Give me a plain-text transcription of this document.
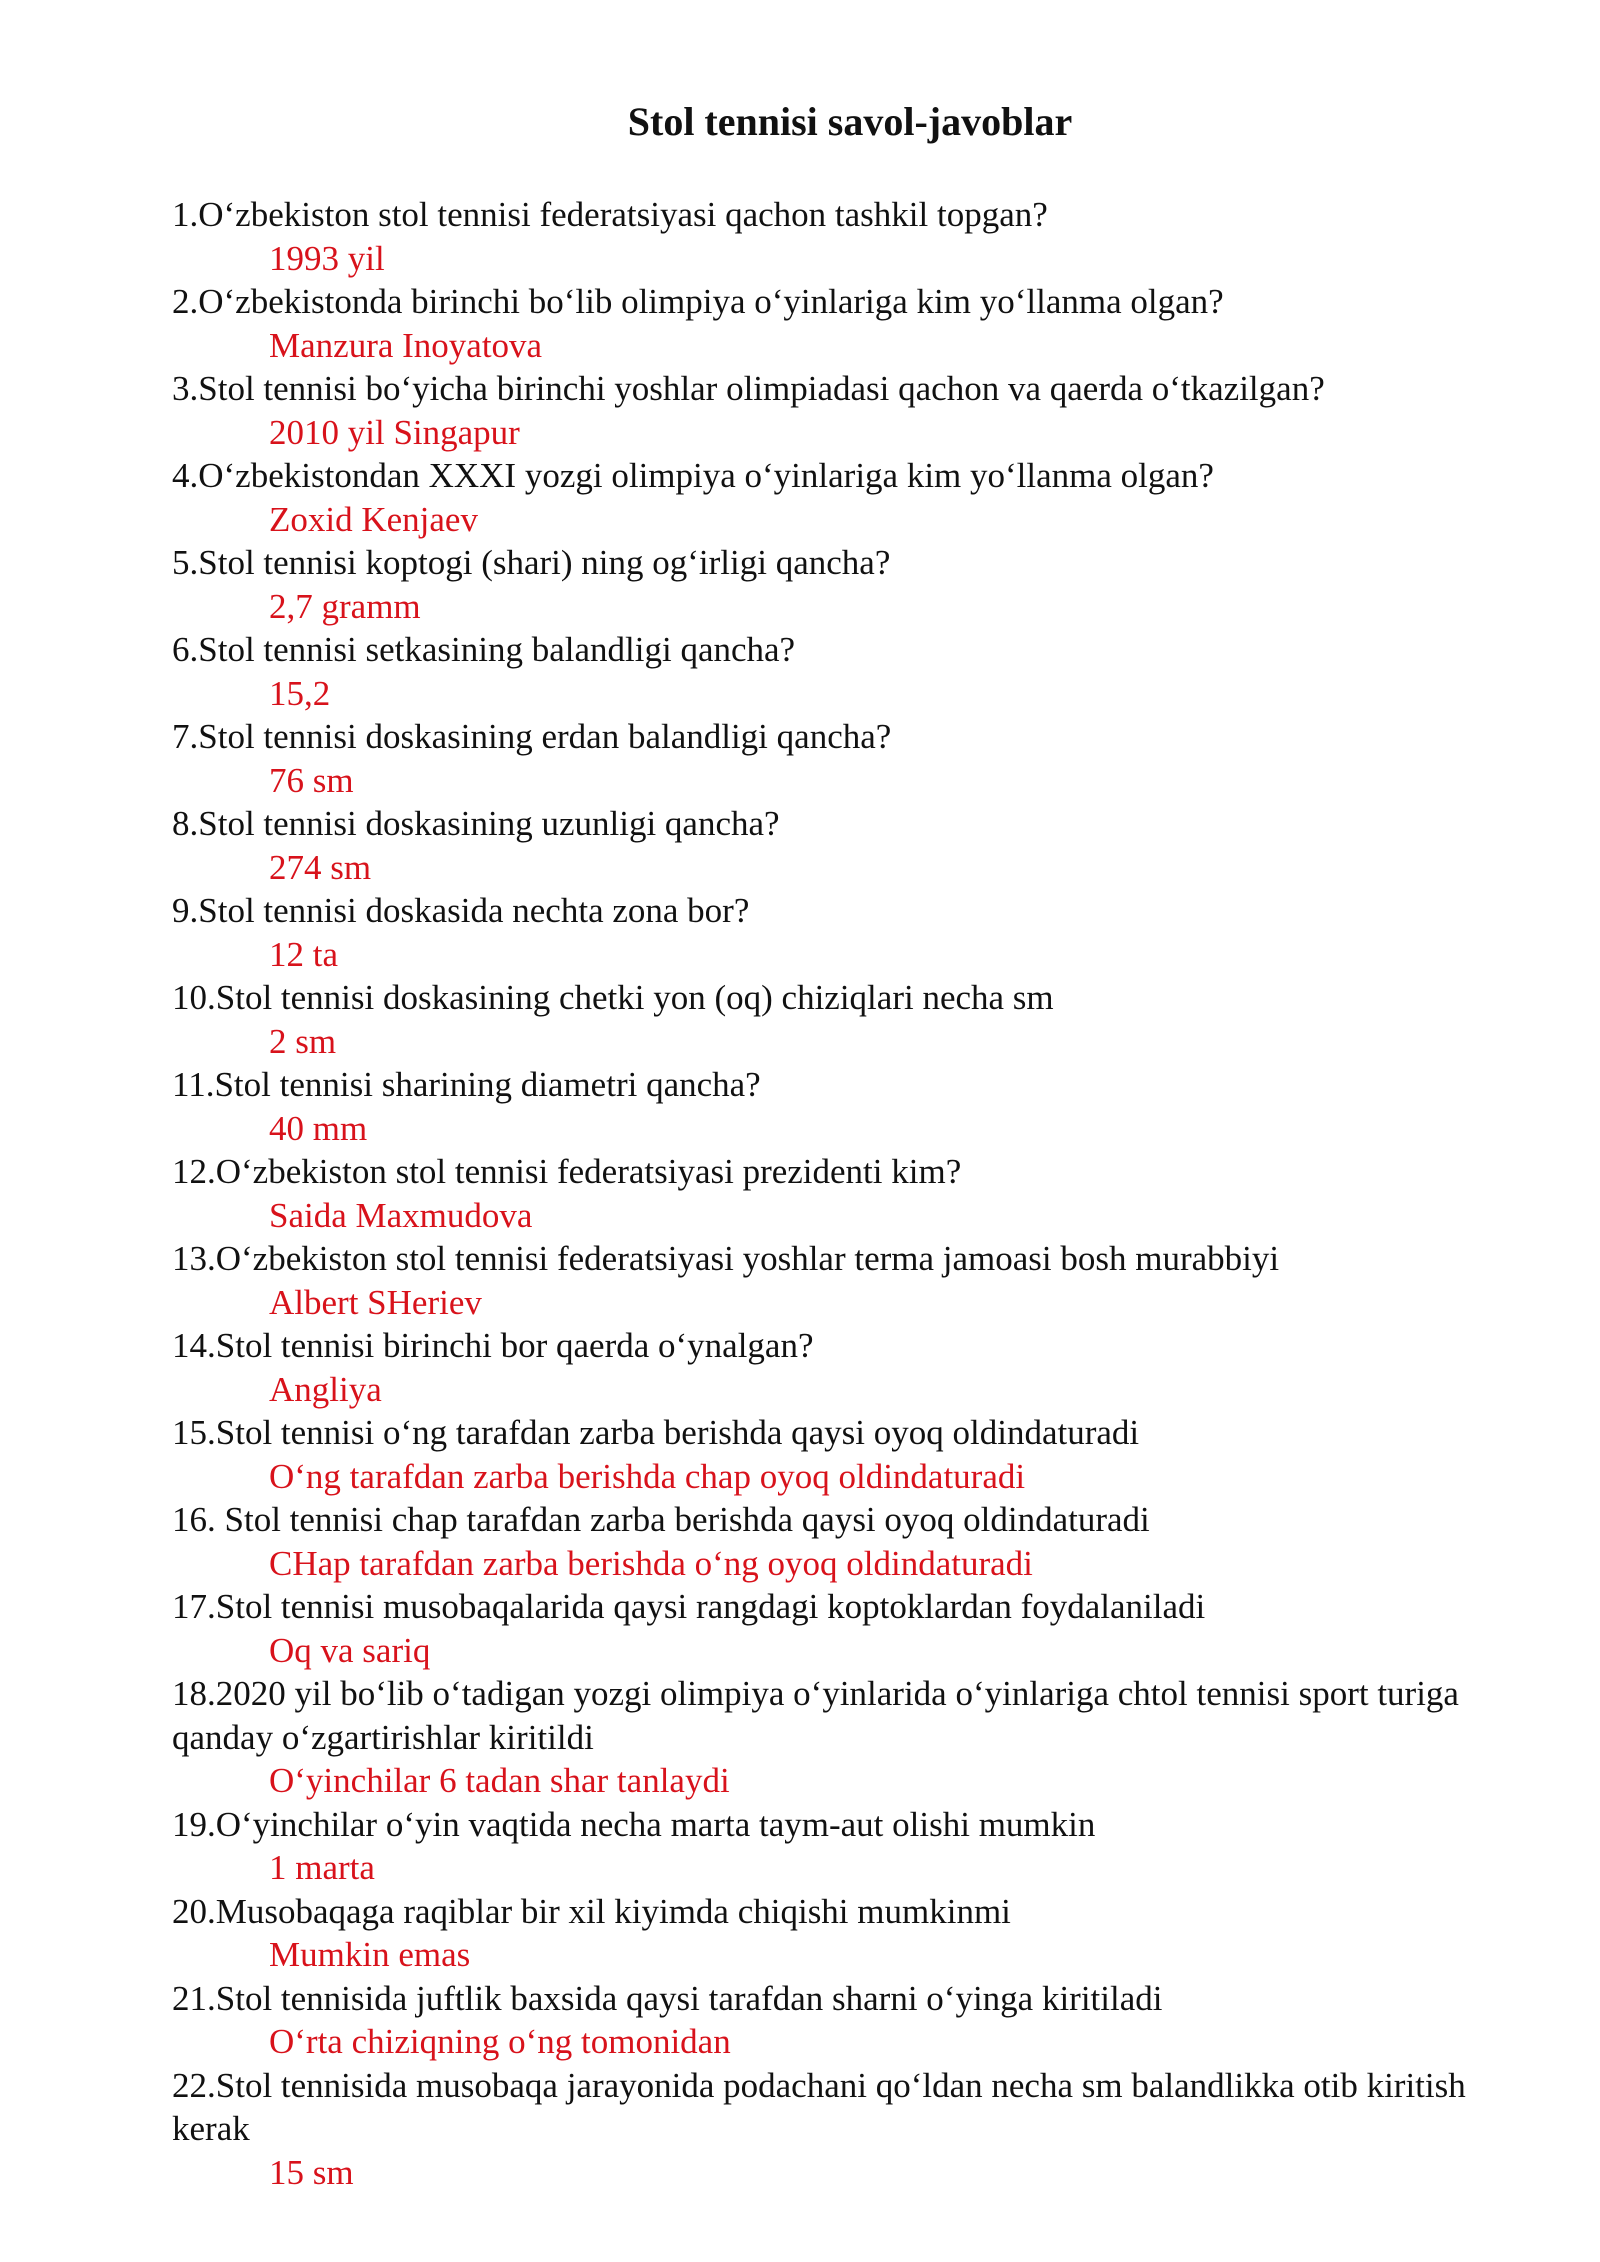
Stol tennisi savol-javoblar
1.O‘zbekiston stol tennisi federatsiyasi qachon tashkil topgan?
1993 yil
2.O‘zbekistonda birinchi bo‘lib olimpiya o‘yinlariga kim yo‘llanma olgan?
Manzura Inoyatova
3.Stol tennisi bo‘yicha birinchi yoshlar olimpiadasi qachon va qaerda o‘tkazilgan?
2010 yil Singapur
4.O‘zbekistondan XXXI yozgi olimpiya o‘yinlariga kim yo‘llanma olgan?
Zoxid Kenjaev
5.Stol tennisi koptogi (shari) ning og‘irligi qancha?
2,7 gramm
6.Stol tennisi setkasining balandligi qancha?
15,2
7.Stol tennisi doskasining erdan balandligi qancha?
76 sm
8.Stol tennisi doskasining uzunligi qancha?
274 sm
9.Stol tennisi doskasida nechta zona bor?
12 ta
10.Stol tennisi doskasining chetki yon (oq) chiziqlari necha sm
2 sm
11.Stol tennisi sharining diametri qancha?
40 mm
12.O‘zbekiston stol tennisi federatsiyasi prezidenti kim?
Saida Maxmudova
13.O‘zbekiston stol tennisi federatsiyasi yoshlar terma jamoasi bosh murabbiyi
Albert SHeriev
14.Stol tennisi birinchi bor qaerda o‘ynalgan?
Angliya
15.Stol tennisi o‘ng tarafdan zarba berishda qaysi oyoq oldindaturadi
O‘ng tarafdan zarba berishda chap oyoq oldindaturadi
16. Stol tennisi chap tarafdan zarba berishda qaysi oyoq oldindaturadi
CHap tarafdan zarba berishda o‘ng oyoq oldindaturadi
17.Stol tennisi musobaqalarida qaysi rangdagi koptoklardan foydalaniladi
Oq va sariq
18.2020 yil bo‘lib o‘tadigan yozgi olimpiya o‘yinlarida o‘yinlariga chtol tennisi sport turiga qanday o‘zgartirishlar kiritildi
O‘yinchilar 6 tadan shar tanlaydi
19.O‘yinchilar o‘yin vaqtida necha marta taym-aut olishi mumkin
1 marta
20.Musobaqaga raqiblar bir xil kiyimda chiqishi mumkinmi
Mumkin emas
21.Stol tennisida juftlik baxsida qaysi tarafdan sharni o‘yinga kiritiladi
O‘rta chiziqning o‘ng tomonidan
22.Stol tennisida musobaqa jarayonida podachani qo‘ldan necha sm balandlikka otib kiritish kerak
15 sm
